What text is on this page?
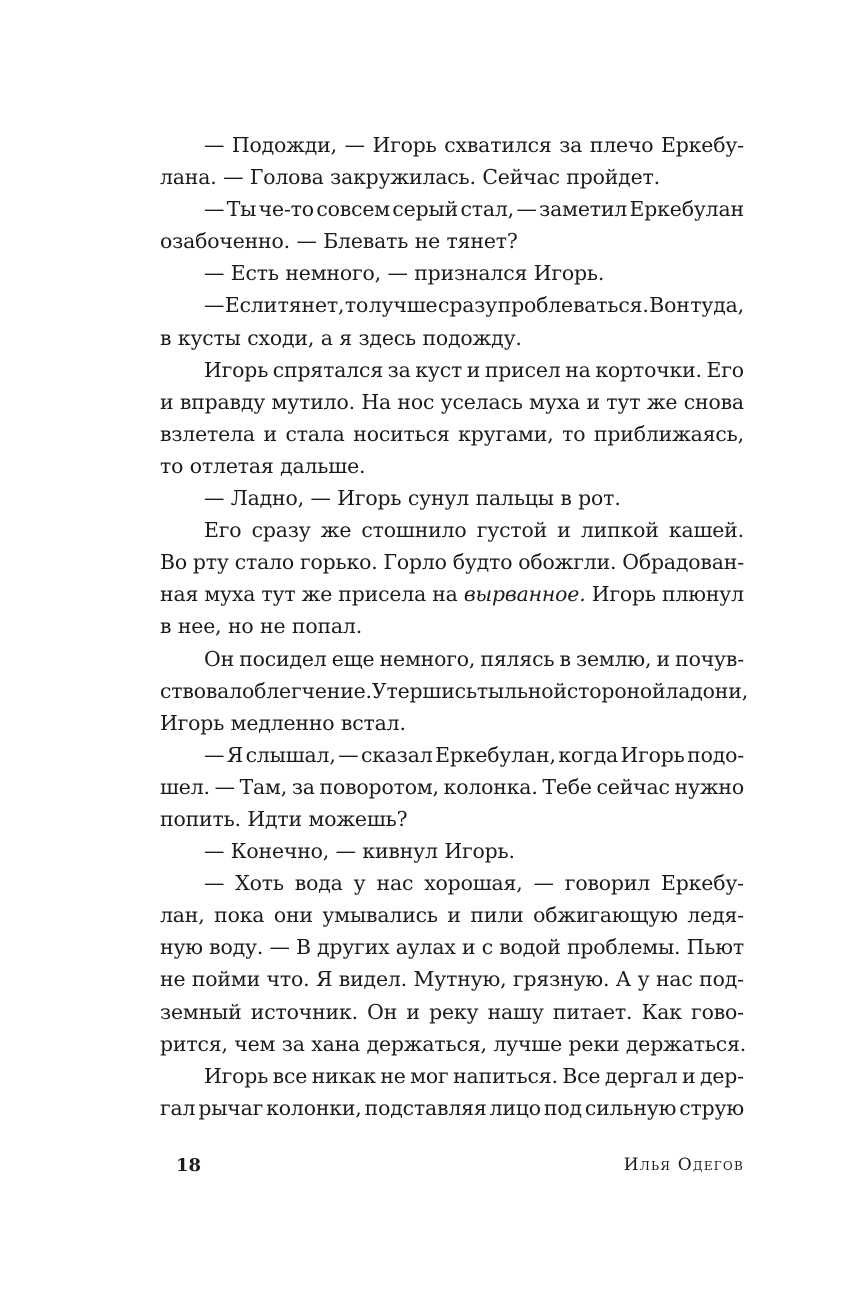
— Подожди, — Игорь схватился за плечо Еркебу-
лана. — Голова закружилась. Сейчас пройдет.
— Ты че-то совсем серый стал, — заметил Еркебулан
озабоченно. — Блевать не тянет?
— Есть немного, — признался Игорь.
— Если тянет, то лучше сразу проблеваться. Вон туда,
в кусты сходи, а я здесь подожду.
Игорь спрятался за куст и присел на корточки. Его
и вправду мутило. На нос уселась муха и тут же снова
взлетела и стала носиться кругами, то приближаясь,
то отлетая дальше.
— Ладно, — Игорь сунул пальцы в рот.
Его сразу же стошнило густой и липкой кашей.
Во рту стало горько. Горло будто обожгли. Обрадован-
ная муха тут же присела на вырванное. Игорь плюнул
в нее, но не попал.
Он посидел еще немного, пялясь в землю, и почув-
ствовал облегчение. Утершись тыльной стороной ладони,
Игорь медленно встал.
— Я слышал, — сказал Еркебулан, когда Игорь подо-
шел. — Там, за поворотом, колонка. Тебе сейчас нужно
попить. Идти можешь?
— Конечно, — кивнул Игорь.
— Хоть вода у нас хорошая, — говорил Еркебу-
лан, пока они умывались и пили обжигающую ледя-
ную воду. — В других аулах и с водой проблемы. Пьют
не пойми что. Я видел. Мутную, грязную. А у нас под-
земный источник. Он и реку нашу питает. Как гово-
рится, чем за хана держаться, лучше реки держаться.
Игорь все никак не мог напиться. Все дергал и дер-
гал рычаг колонки, подставляя лицо под сильную струю
18	Илья Одегов
